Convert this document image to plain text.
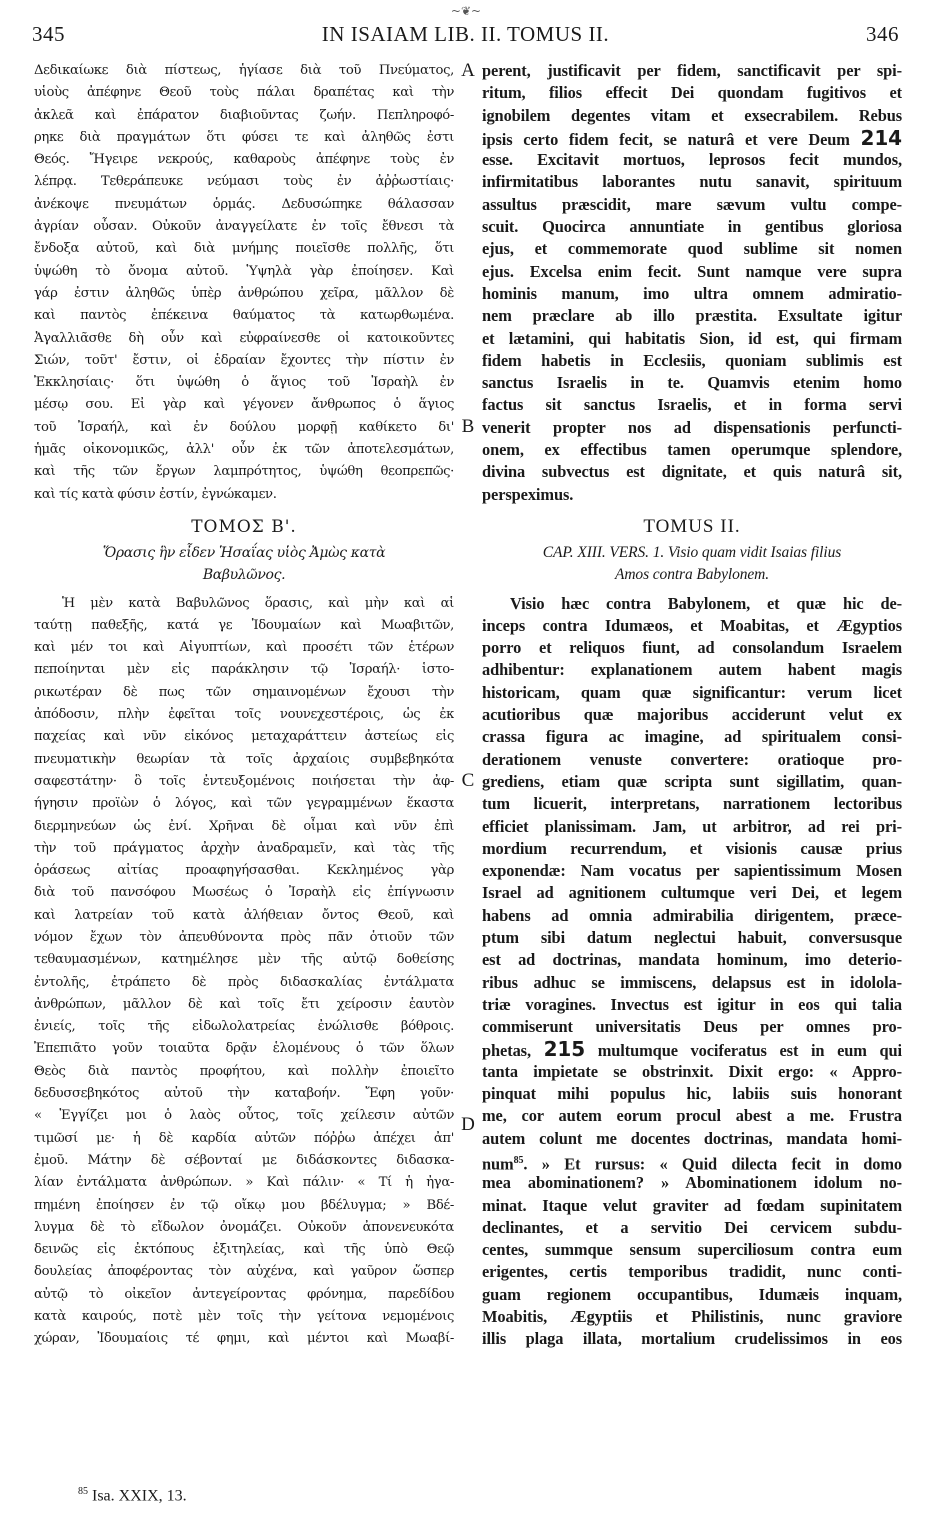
~❦~
345	IN ISAIAM LIB. II. TOMUS II.	346
Δεδικαίωκε διὰ πίστεως, ἡγίασε διὰ τοῦ Πνεύματος,
υἱοὺς ἀπέφηνε Θεοῦ τοὺς πάλαι δραπέτας καὶ τὴν
ἀκλεᾶ καὶ ἐπάρατον διαβιοῦντας ζωήν. Πεπληροφό-
ρηκε διὰ πραγμάτων ὅτι φύσει τε καὶ ἀληθῶς ἐστι
Θεός. Ἤγειρε νεκρούς, καθαροὺς ἀπέφηνε τοὺς ἐν
λέπρᾳ. Τεθεράπευκε νεύμασι τοὺς ἐν ἀῤῥωστίαις·
ἀνέκοψε πνευμάτων ὁρμάς. Δεδυσώπηκε θάλασσαν
ἀγρίαν οὖσαν. Οὐκοῦν ἀναγγείλατε ἐν τοῖς ἔθνεσι τὰ
ἔνδοξα αὐτοῦ, καὶ διὰ μνήμης ποιεῖσθε πολλῆς, ὅτι
ὑψώθη τὸ ὄνομα αὐτοῦ. Ὑψηλὰ γὰρ ἐποίησεν. Καὶ
γάρ ἐστιν ἀληθῶς ὑπὲρ ἀνθρώπου χεῖρα, μᾶλλον δὲ
καὶ παντὸς ἐπέκεινα θαύματος τὰ κατωρθωμένα.
Ἀγαλλιᾶσθε δὴ οὖν καὶ εὐφραίνεσθε οἱ κατοικοῦντες
Σιών, τοῦτ' ἔστιν, οἱ ἑδραίαν ἔχοντες τὴν πίστιν ἐν
Ἐκκλησίαις· ὅτι ὑψώθη ὁ ἅγιος τοῦ Ἰσραὴλ ἐν
μέσῳ σου. Εἰ γὰρ καὶ γέγονεν ἄνθρωπος ὁ ἅγιος
τοῦ Ἰσραήλ, καὶ ἐν δούλου μορφῇ καθίκετο δι'
ἡμᾶς οἰκονομικῶς, ἀλλ' οὖν ἐκ τῶν ἀποτελεσμάτων,
καὶ τῆς τῶν ἔργων λαμπρότητος, ὑψώθη θεοπρεπῶς·
καὶ τίς κατὰ φύσιν ἐστίν, ἐγνώκαμεν.
ΤΟΜΟΣ Β'.
Ὅρασις ἣν εἶδεν Ἡσαΐας υἱὸς Ἀμὼς κατὰ
Βαβυλῶνος.
Ἡ μὲν κατὰ Βαβυλῶνος ὅρασις, καὶ μὴν καὶ αἱ
ταύτῃ παθεξῆς, κατά γε Ἰδουμαίων καὶ Μωαβιτῶν,
καὶ μέν τοι καὶ Αἰγυπτίων, καὶ προσέτι τῶν ἑτέρων
πεποίηνται μὲν εἰς παράκλησιν τῷ Ἰσραήλ· ἱστο-
ρικωτέραν δὲ πως τῶν σημαινομένων ἔχουσι τὴν
ἀπόδοσιν, πλὴν ἐφεῖται τοῖς νουνεχεστέροις, ὡς ἐκ
παχείας καὶ νῦν εἰκόνος μεταχαράττειν ἀστείως εἰς
πνευματικὴν θεωρίαν τὰ τοῖς ἀρχαίοις συμβεβηκότα
σαφεστάτην· ὃ τοῖς ἐντευξομένοις ποιήσεται τὴν ἀφ-
ήγησιν προϊὼν ὁ λόγος, καὶ τῶν γεγραμμένων ἕκαστα
διερμηνεύων ὡς ἐνί. Χρῆναι δὲ οἶμαι καὶ νῦν ἐπὶ
τὴν τοῦ πράγματος ἀρχὴν ἀναδραμεῖν, καὶ τὰς τῆς
ὁράσεως αἰτίας προαφηγήσασθαι. Κεκλημένος γὰρ
διὰ τοῦ πανσόφου Μωσέως ὁ Ἰσραὴλ εἰς ἐπίγνωσιν
καὶ λατρείαν τοῦ κατὰ ἀλήθειαν ὄντος Θεοῦ, καὶ
νόμον ἔχων τὸν ἀπευθύνοντα πρὸς πᾶν ὁτιοῦν τῶν
τεθαυμασμένων, κατημέλησε μὲν τῆς αὐτῷ δοθείσης
ἐντολῆς, ἐτράπετο δὲ πρὸς διδασκαλίας ἐντάλματα
ἀνθρώπων, μᾶλλον δὲ καὶ τοῖς ἔτι χείροσιν ἑαυτὸν
ἐνιείς, τοῖς τῆς εἰδωλολατρείας ἐνώλισθε βόθροις.
Ἐπεπιᾶτο γοῦν τοιαῦτα δρᾷν ἑλομένους ὁ τῶν ὅλων
Θεὸς διὰ παντὸς προφήτου, καὶ πολλὴν ἐποιεῖτο
δεδυσσεβηκότος αὐτοῦ τὴν καταβοήν. Ἔφη γοῦν·
« Ἐγγίζει μοι ὁ λαὸς οὗτος, τοῖς χείλεσιν αὐτῶν
τιμῶσί με· ἡ δὲ καρδία αὐτῶν πόῤῥω ἀπέχει ἀπ'
ἐμοῦ. Μάτην δὲ σέβονταί με διδάσκοντες διδασκα-
λίαν ἐντάλματα ἀνθρώπων. » Καὶ πάλιν· « Τί ἡ ἠγα-
πημένη ἐποίησεν ἐν τῷ οἴκῳ μου βδέλυγμα; » Βδέ-
λυγμα δὲ τὸ εἴδωλον ὀνομάζει. Οὐκοῦν ἀπονενευκότα
δεινῶς εἰς ἐκτόπους ἐξιτηλείας, καὶ τῆς ὑπὸ Θεῷ
δουλείας ἀποφέροντας τὸν αὐχένα, καὶ γαῦρον ὥσπερ
αὐτῷ τὸ οἰκεῖον ἀντεγείροντας φρόνημα, παρεδίδου
κατὰ καιρούς, ποτὲ μὲν τοῖς τὴν γείτονα νεμομένοις
χώραν, Ἰδουμαίοις τέ φημι, καὶ μέντοι καὶ Μωαβί-
A
B
C
D
perent, justificavit per fidem, sanctificavit per spi-
ritum, filios effecit Dei quondam fugitivos et
ignobilem degentes vitam et exsecrabilem. Rebus
ipsis certo fidem fecit, se naturâ et vere Deum 214
esse. Excitavit mortuos, leprosos fecit mundos,
infirmitatibus laborantes nutu sanavit, spirituum
assultus præscidit, mare sævum vultu compe-
scuit. Quocirca annuntiate in gentibus gloriosa
ejus, et commemorate quod sublime sit nomen
ejus. Excelsa enim fecit. Sunt namque vere supra
hominis manum, imo ultra omnem admiratio-
nem præclare ab illo præstita. Exsultate igitur
et lætamini, qui habitatis Sion, id est, qui firmam
fidem habetis in Ecclesiis, quoniam sublimis est
sanctus Israelis in te. Quamvis etenim homo
factus sit sanctus Israelis, et in forma servi
venerit propter nos ad dispensationis perfuncti-
onem, ex effectibus tamen operumque splendore,
divina subvectus est dignitate, et quis naturâ sit,
perspeximus.
TOMUS II.
CAP. XIII. VERS. 1. Visio quam vidit Isaias filius
Amos contra Babylonem.
Visio hæc contra Babylonem, et quæ hic de-
inceps contra Idumæos, et Moabitas, et Ægyptios
porro et reliquos fiunt, ad consolandum Israelem
adhibentur: explanationem autem habent magis
historicam, quam quæ significantur: verum licet
acutioribus quæ majoribus acciderunt velut ex
crassa figura ac imagine, ad spiritualem consi-
derationem venuste convertere: oratioque pro-
grediens, etiam quæ scripta sunt sigillatim, quan-
tum licuerit, interpretans, narrationem lectoribus
efficiet planissimam. Jam, ut arbitror, ad rei pri-
mordium recurrendum, et visionis causæ prius
exponendæ: Nam vocatus per sapientissimum Mosen
Israel ad agnitionem cultumque veri Dei, et legem
habens ad omnia admirabilia dirigentem, præce-
ptum sibi datum neglectui habuit, conversusque
est ad doctrinas, mandata hominum, imo deterio-
ribus adhuc se immiscens, delapsus est in idolola-
triæ voragines. Invectus est igitur in eos qui talia
commiserunt universitatis Deus per omnes pro-
phetas, 215 multumque vociferatus est in eum qui
tanta impietate se obstrinxit. Dixit ergo: « Appro-
pinquat mihi populus hic, labiis suis honorant
me, cor autem eorum procul abest a me. Frustra
autem colunt me docentes doctrinas, mandata homi-
num$^{85}$. » Et rursus: « Quid dilecta fecit in domo
mea abominationem? » Abominationem idolum no-
minat. Itaque velut graviter ad fœdam supinitatem
declinantes, et a servitio Dei cervicem subdu-
centes, summque sensum superciliosum contra eum
erigentes, certis temporibus tradidit, nunc conti-
guam regionem occupantibus, Idumæis inquam,
Moabitis, Ægyptiis et Philistinis, nunc graviore
illis plaga illata, mortalium crudelissimos in eos
$^{85}$ Isa. XXIX, 13.
